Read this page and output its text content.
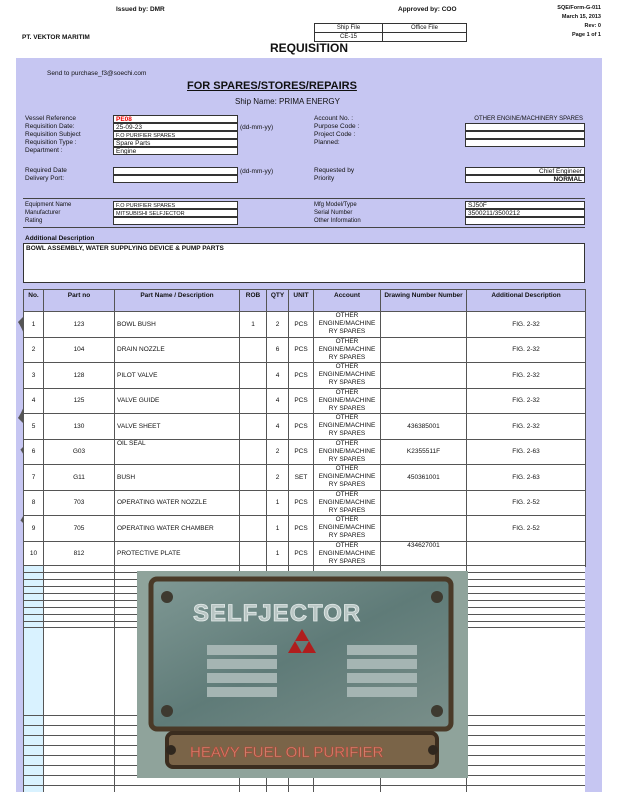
Issued by: DMR	Approved by: COO	SQE/Form-G-011
March 15, 2013
Rev: 0
Page 1 of 1
PT. VEKTOR MARITIM
Ship File	Office File
CE-15
REQUISITION
Send to purchase_f3@soechi.com
FOR SPARES/STORES/REPAIRS
Ship Name: PRIMA ENERGY
Vessel Reference	PE08
Requisition Date:	25-09-23	(dd-mm-yy)
Requisition Subject	F.O PURIFIER SPARES
Requisition Type :	Spare Parts
Department :	Engine
Account No. :	OTHER ENGINE/MACHINERY SPARES
Purpose Code :
Project Code :
Planned:
Required Date	(dd-mm-yy)
Delivery Port:
Requested by	Chief Engineer
Priority	NORMAL
Equipment Name	F.O PURIFIER SPARES
Manufacturer	MITSUBISHI SELFJECTOR
Rating
Mfg Model/Type	SJ50F
Serial Number	3500211/3500212
Other Information
Additional Description
BOWL ASSEMBLY, WATER SUPPLYING DEVICE & PUMP PARTS
No.	Part no	Part Name / Description	ROB	QTY	UNIT	Account	Drawing Number Number	Additional Description
1	123	BOWL BUSH	1	2	PCS	OTHER
ENGINE/MACHINE
RY SPARES		FIG. 2-32
2	104	DRAIN NOZZLE		6	PCS	OTHER
ENGINE/MACHINE
RY SPARES		FIG. 2-32
3	128	PILOT VALVE		4	PCS	OTHER
ENGINE/MACHINE
RY SPARES		FIG. 2-32
4	125	VALVE GUIDE		4	PCS	OTHER
ENGINE/MACHINE
RY SPARES		FIG. 2-32
5	130	VALVE SHEET		4	PCS	OTHER
ENGINE/MACHINE
RY SPARES	436385001	FIG. 2-32
6	G03	OIL SEAL		2	PCS	OTHER
ENGINE/MACHINE
RY SPARES	K2355511F	FIG. 2-63
7	G11	BUSH		2	SET	OTHER
ENGINE/MACHINE
RY SPARES	450361001	FIG. 2-63
8	703	OPERATING WATER NOZZLE		1	PCS	OTHER
ENGINE/MACHINE
RY SPARES		FIG. 2-52
9	705	OPERATING WATER CHAMBER		1	PCS	OTHER
ENGINE/MACHINE
RY SPARES		FIG. 2-52
10	812	PROTECTIVE PLATE		1	PCS	OTHER
ENGINE/MACHINE
RY SPARES	434627001	
SELFJECTOR
HEAVY FUEL OIL PURIFIER
